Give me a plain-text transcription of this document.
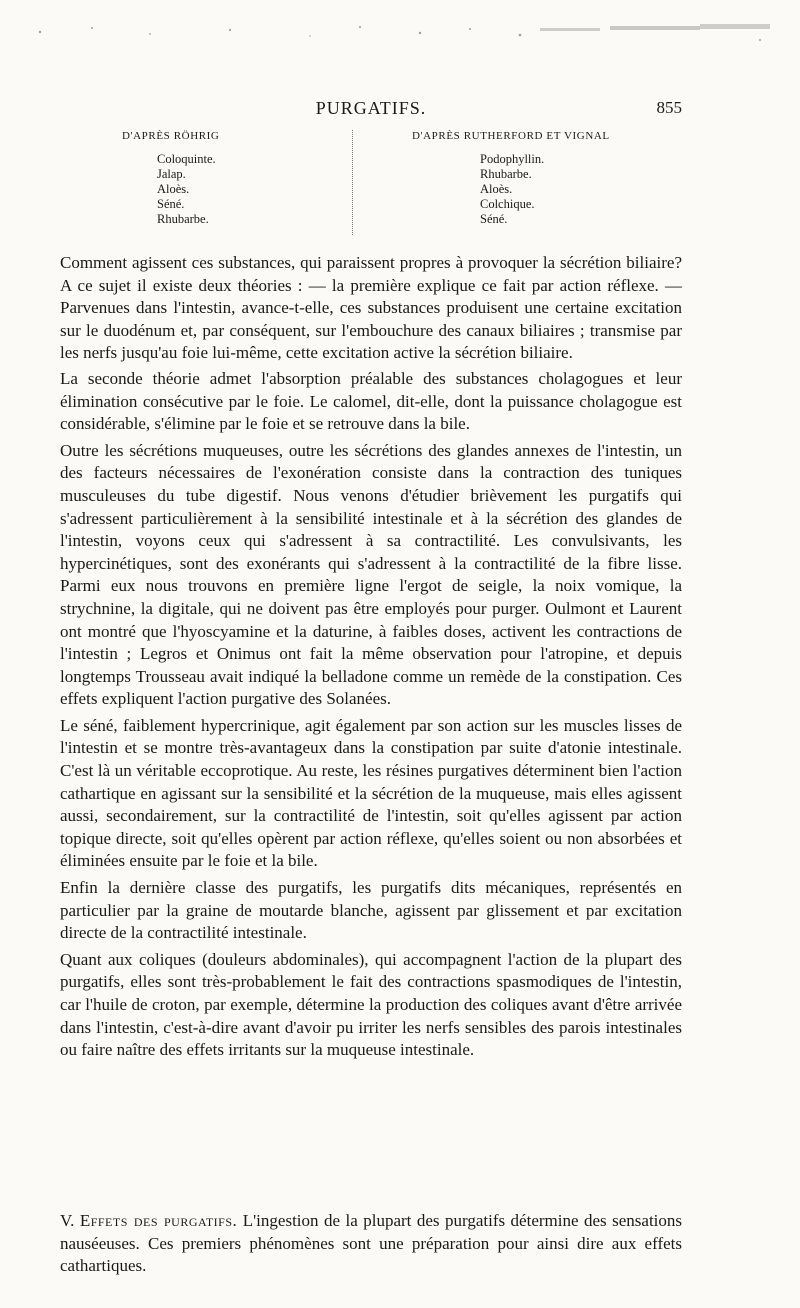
PURGATIFS.	855
D'APRÈS RÖHRIG
Coloquinte.
Jalap.
Aloès.
Séné.
Rhubarbe.
D'APRÈS RUTHERFORD ET VIGNAL
Podophyllin.
Rhubarbe.
Aloès.
Colchique.
Séné.

Comment agissent ces substances, qui paraissent propres à provoquer la sécrétion biliaire? A ce sujet il existe deux théories : — la première explique ce fait par action réflexe. — Parvenues dans l'intestin, avance-t-elle, ces substances produisent une certaine excitation sur le duodénum et, par conséquent, sur l'embouchure des canaux biliaires ; transmise par les nerfs jusqu'au foie lui-même, cette excitation active la sécrétion biliaire.

La seconde théorie admet l'absorption préalable des substances cholagogues et leur élimination consécutive par le foie. Le calomel, dit-elle, dont la puissance cholagogue est considérable, s'élimine par le foie et se retrouve dans la bile.

Outre les sécrétions muqueuses, outre les sécrétions des glandes annexes de l'intestin, un des facteurs nécessaires de l'exonération consiste dans la contraction des tuniques musculeuses du tube digestif. Nous venons d'étudier brièvement les purgatifs qui s'adressent particulièrement à la sensibilité intestinale et à la sécrétion des glandes de l'intestin, voyons ceux qui s'adressent à sa contractilité. Les convulsivants, les hypercinétiques, sont des exonérants qui s'adressent à la contractilité de la fibre lisse. Parmi eux nous trouvons en première ligne l'ergot de seigle, la noix vomique, la strychnine, la digitale, qui ne doivent pas être employés pour purger. Oulmont et Laurent ont montré que l'hyoscyamine et la daturine, à faibles doses, activent les contractions de l'intestin ; Legros et Onimus ont fait la même observation pour l'atropine, et depuis longtemps Trousseau avait indiqué la belladone comme un remède de la constipation. Ces effets expliquent l'action purgative des Solanées.

Le séné, faiblement hypercrinique, agit également par son action sur les muscles lisses de l'intestin et se montre très-avantageux dans la constipation par suite d'atonie intestinale. C'est là un véritable eccoprotique. Au reste, les résines purgatives déterminent bien l'action cathartique en agissant sur la sensibilité et la sécrétion de la muqueuse, mais elles agissent aussi, secondairement, sur la contractilité de l'intestin, soit qu'elles agissent par action topique directe, soit qu'elles opèrent par action réflexe, qu'elles soient ou non absorbées et éliminées ensuite par le foie et la bile.

Enfin la dernière classe des purgatifs, les purgatifs dits mécaniques, représentés en particulier par la graine de moutarde blanche, agissent par glissement et par excitation directe de la contractilité intestinale.

Quant aux coliques (douleurs abdominales), qui accompagnent l'action de la plupart des purgatifs, elles sont très-probablement le fait des contractions spasmodiques de l'intestin, car l'huile de croton, par exemple, détermine la production des coliques avant d'être arrivée dans l'intestin, c'est-à-dire avant d'avoir pu irriter les nerfs sensibles des parois intestinales ou faire naître des effets irritants sur la muqueuse intestinale.

V. Effets des purgatifs. L'ingestion de la plupart des purgatifs détermine des sensations nauséeuses. Ces premiers phénomènes sont une préparation pour ainsi dire aux effets cathartiques.
